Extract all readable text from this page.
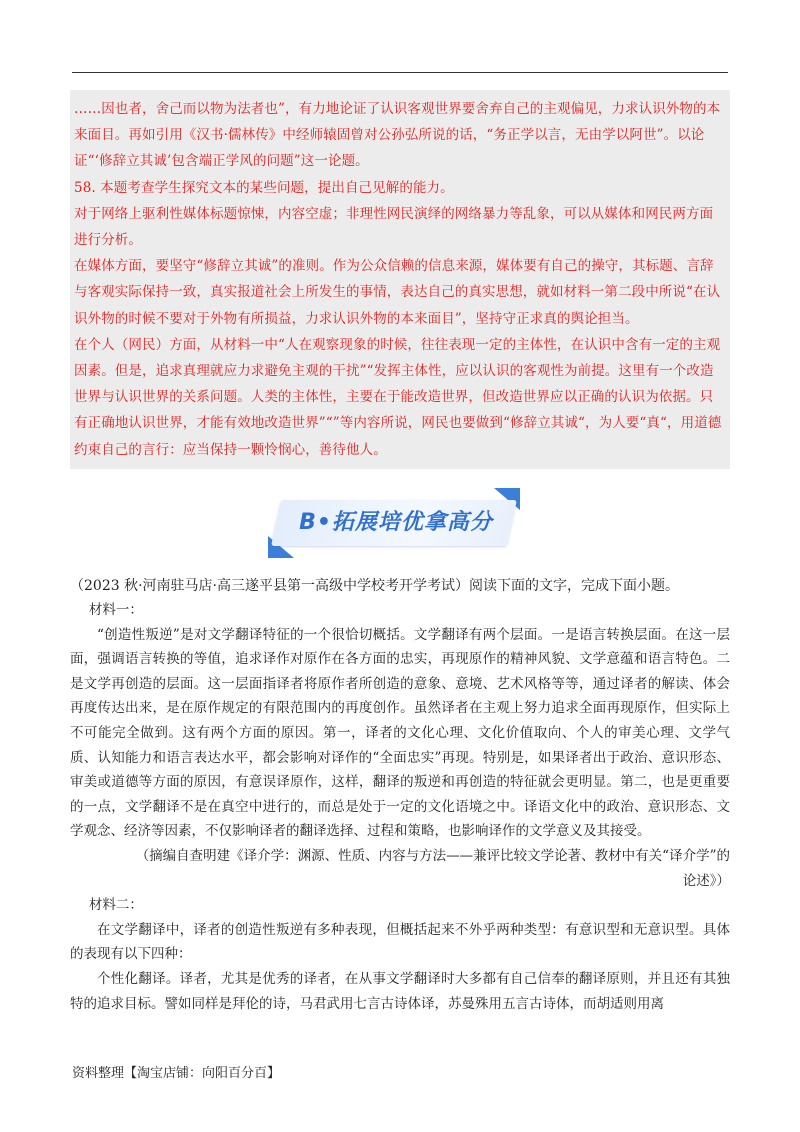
……因也者，舍己而以物为法者也”，有力地论证了认识客观世界要舍弃自己的主观偏见，力求认识外物的本来面目。再如引用《汉书·儒林传》中经师辕固曾对公孙弘所说的话，“务正学以言，无由学以阿世”。以论证“‘修辞立其诚’包含端正学风的问题”这一论题。

58. 本题考查学生探究文本的某些问题，提出自己见解的能力。

对于网络上驱利性媒体标题惊悚，内容空虚；非理性网民演绎的网络暴力等乱象，可以从媒体和网民两方面进行分析。

在媒体方面，要坚守“修辞立其诚”的准则。作为公众信赖的信息来源，媒体要有自己的操守，其标题、言辞与客观实际保持一致，真实报道社会上所发生的事情，表达自己的真实思想，就如材料一第二段中所说“在认识外物的时候不要对于外物有所损益，力求认识外物的本来面目”，坚持守正求真的舆论担当。

在个人（网民）方面，从材料一中“人在观察现象的时候，往往表现一定的主体性，在认识中含有一定的主观因素。但是，追求真理就应力求避免主观的干扰”“发挥主体性，应以认识的客观性为前提。这里有一个改造世界与认识世界的关系问题。人类的主体性，主要在于能改造世界，但改造世界应以正确的认识为依据。只有正确地认识世界，才能有效地改造世界”“”等内容所说，网民也要做到“修辞立其诚“，为人要“真“，用道德约束自己的言行：应当保持一颗怜悯心，善待他人。

B•拓展培优拿高分
（2023 秋·河南驻马店·高三遂平县第一高级中学校考开学考试）阅读下面的文字，完成下面小题。

材料一：

“创造性叛逆”是对文学翻译特征的一个很恰切概括。文学翻译有两个层面。一是语言转换层面。在这一层面，强调语言转换的等值，追求译作对原作在各方面的忠实，再现原作的精神风貌、文学意蕴和语言特色。二是文学再创造的层面。这一层面指译者将原作者所创造的意象、意境、艺术风格等等，通过译者的解读、体会再度传达出来，是在原作规定的有限范围内的再度创作。虽然译者在主观上努力追求全面再现原作，但实际上不可能完全做到。这有两个方面的原因。第一，译者的文化心理、文化价值取向、个人的审美心理、文学气质、认知能力和语言表达水平，都会影响对译作的“全面忠实”再现。特别是，如果译者出于政治、意识形态、审美或道德等方面的原因，有意误译原作，这样，翻译的叛逆和再创造的特征就会更明显。第二，也是更重要的一点，文学翻译不是在真空中进行的，而总是处于一定的文化语境之中。译语文化中的政治、意识形态、文学观念、经济等因素，不仅影响译者的翻译选择、过程和策略，也影响译作的文学意义及其接受。

（摘编自查明建《译介学：渊源、性质、内容与方法——兼评比较文学论著、教材中有关“译介学”的论述》）

材料二：

在文学翻译中，译者的创造性叛逆有多种表现，但概括起来不外乎两种类型：有意识型和无意识型。具体的表现有以下四种：

个性化翻译。译者，尤其是优秀的译者，在从事文学翻译时大多都有自己信奉的翻译原则，并且还有其独特的追求目标。譬如同样是拜伦的诗，马君武用七言古诗体译，苏曼殊用五言古诗体，而胡适则用离

资料整理【淘宝店铺：向阳百分百】
